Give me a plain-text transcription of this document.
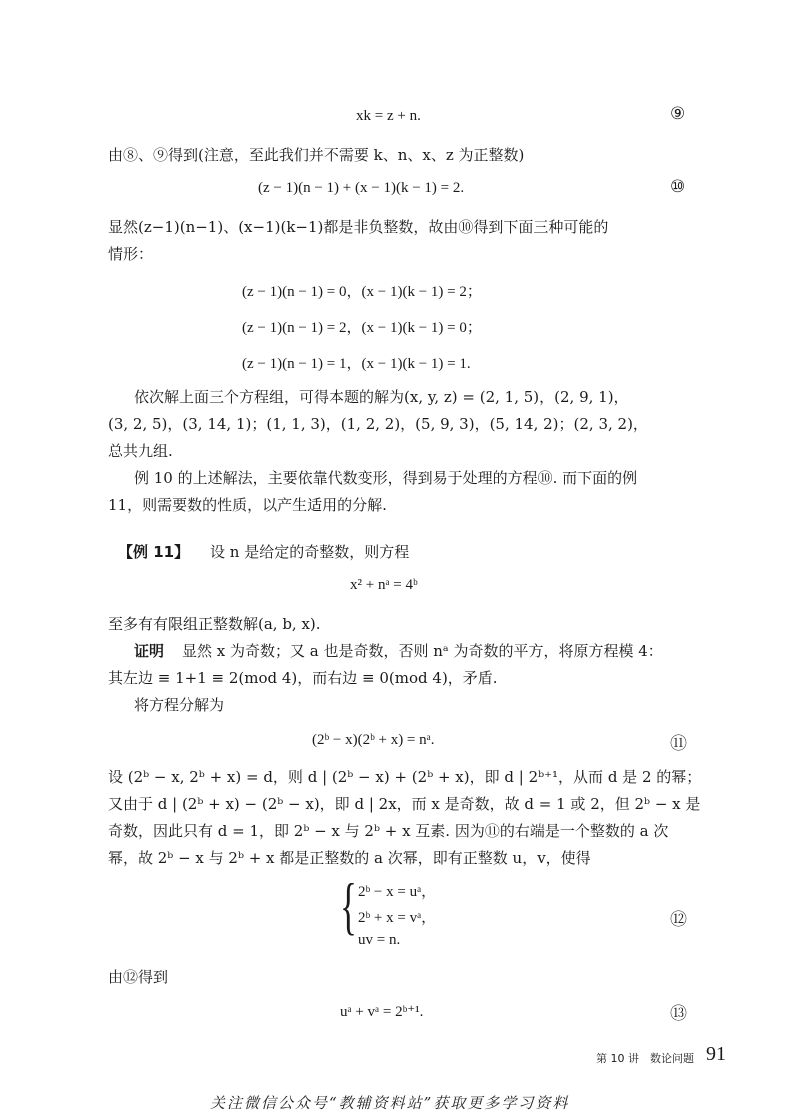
xk = z + n.	⑨
由⑧、⑨得到(注意，至此我们并不需要 k、n、x、z 为正整数)
(z − 1)(n − 1) + (x − 1)(k − 1) = 2.	⑩
显然(z−1)(n−1)、(x−1)(k−1)都是非负整数，故由⑩得到下面三种可能的
情形：
(z − 1)(n − 1) = 0，(x − 1)(k − 1) = 2；
(z − 1)(n − 1) = 2，(x − 1)(k − 1) = 0；
(z − 1)(n − 1) = 1，(x − 1)(k − 1) = 1.
依次解上面三个方程组，可得本题的解为(x, y, z) = (2, 1, 5)，(2, 9, 1)，
(3, 2, 5)，(3, 14, 1)；(1, 1, 3)，(1, 2, 2)，(5, 9, 3)，(5, 14, 2)；(2, 3, 2)，
总共九组.
例 10 的上述解法，主要依靠代数变形，得到易于处理的方程⑩. 而下面的例
11，则需要数的性质，以产生适用的分解.
【例 11】 设 n 是给定的奇整数，则方程
x² + nᵃ = 4ᵇ
至多有有限组正整数解(a, b, x).
证明 显然 x 为奇数；又 a 也是奇数，否则 nᵃ 为奇数的平方，将原方程模 4：
其左边 ≡ 1+1 ≡ 2(mod 4)，而右边 ≡ 0(mod 4)，矛盾.
将方程分解为
(2ᵇ − x)(2ᵇ + x) = nᵃ.	⑪
设 (2ᵇ − x, 2ᵇ + x) = d，则 d | (2ᵇ − x) + (2ᵇ + x)，即 d | 2ᵇ⁺¹，从而 d 是 2 的幂；
又由于 d | (2ᵇ + x) − (2ᵇ − x)，即 d | 2x，而 x 是奇数，故 d = 1 或 2，但 2ᵇ − x 是
奇数，因此只有 d = 1，即 2ᵇ − x 与 2ᵇ + x 互素. 因为⑪的右端是一个整数的 a 次
幂，故 2ᵇ − x 与 2ᵇ + x 都是正整数的 a 次幂，即有正整数 u，v，使得
{ 2ᵇ − x = uᵃ，
2ᵇ + x = vᵃ，
uv = n.
⑫
由⑫得到
uᵃ + vᵃ = 2ᵇ⁺¹.	⑬
第 10 讲　数论问题 91
关注微信公众号“教辅资料站”获取更多学习资料
